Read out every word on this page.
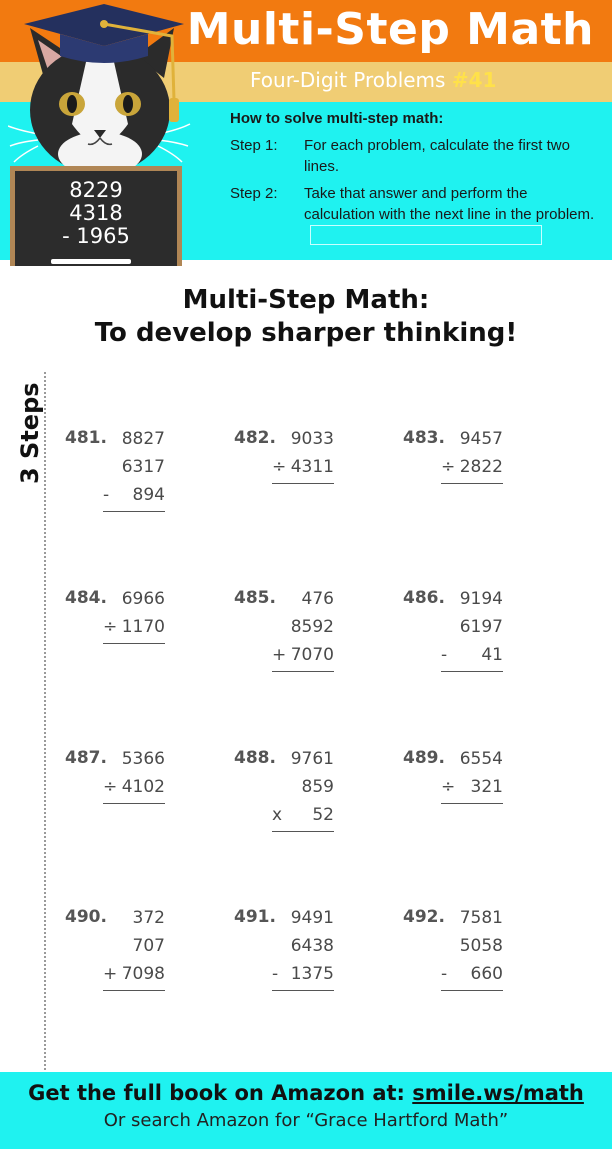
Multi-Step Math
Four-Digit Problems #41
How to solve multi-step math:
Step 1:	For each problem, calculate the first two lines.
Step 2:	Take that answer and perform the calculation with the next line in the problem.
8229
4318
- 1965
Multi-Step Math:
To develop sharper thinking!
3 Steps 481. 8827
6317
- 894
482. 9033
÷ 4311
483. 9457
÷ 2822
484. 6966
÷ 1170
485. 476
8592
+ 7070
486. 9194
6197
- 41
487. 5366
÷ 4102
488. 9761
859
x 52
489. 6554
÷ 321
490. 372
707
+ 7098
491. 9491
6438
- 1375
492. 7581
5058
- 660
Get the full book on Amazon at: smile.ws/math
Or search Amazon for “Grace Hartford Math”
